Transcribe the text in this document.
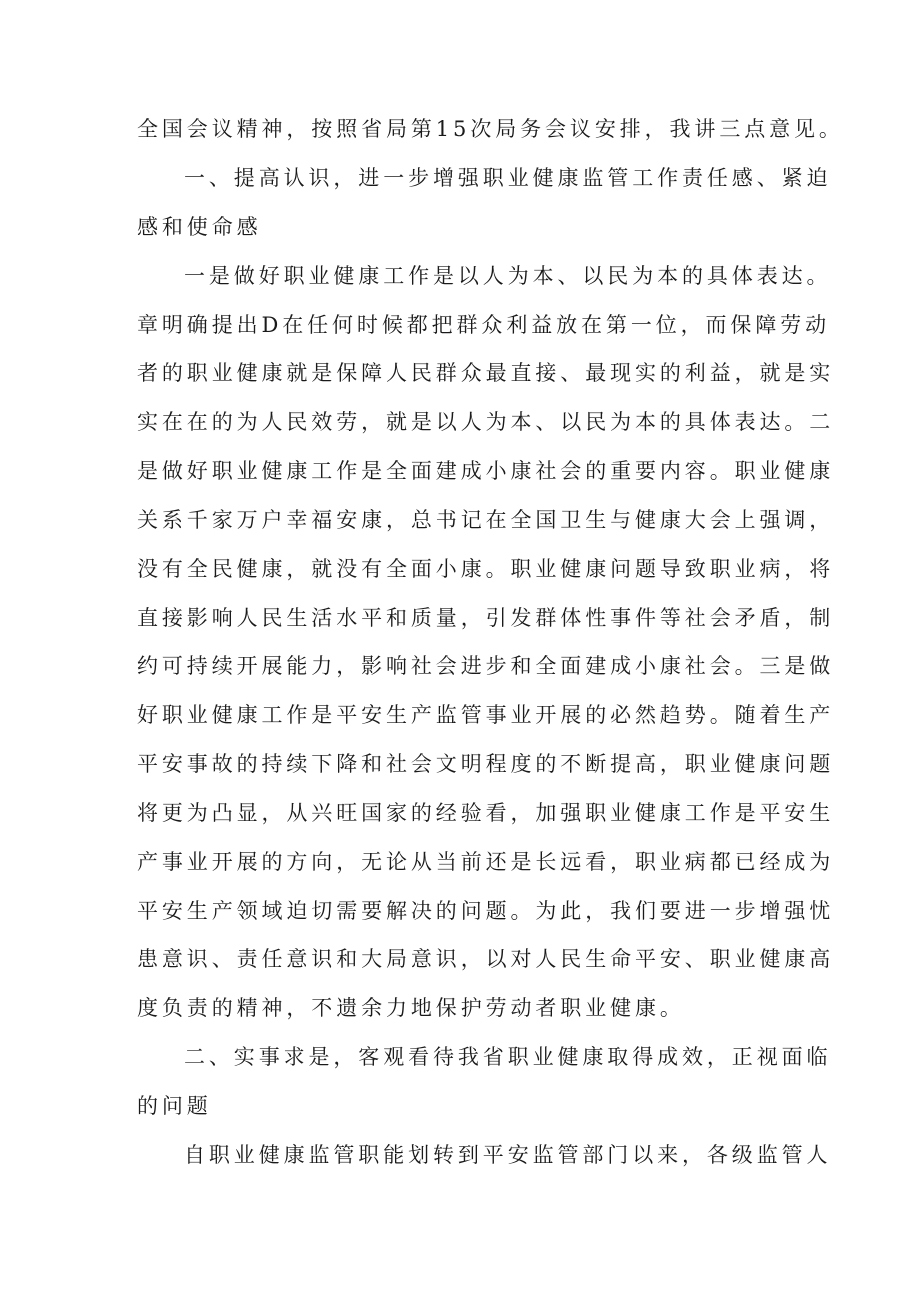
全国会议精神，按照省局第15次局务会议安排，我讲三点意见。
一、提高认识，进一步增强职业健康监管工作责任感、紧迫
感和使命感
一是做好职业健康工作是以人为本、以民为本的具体表达。
章明确提出D在任何时候都把群众利益放在第一位，而保障劳动
者的职业健康就是保障人民群众最直接、最现实的利益，就是实
实在在的为人民效劳，就是以人为本、以民为本的具体表达。二
是做好职业健康工作是全面建成小康社会的重要内容。职业健康
关系千家万户幸福安康，总书记在全国卫生与健康大会上强调，
没有全民健康，就没有全面小康。职业健康问题导致职业病，将
直接影响人民生活水平和质量，引发群体性事件等社会矛盾，制
约可持续开展能力，影响社会进步和全面建成小康社会。三是做
好职业健康工作是平安生产监管事业开展的必然趋势。随着生产
平安事故的持续下降和社会文明程度的不断提高，职业健康问题
将更为凸显，从兴旺国家的经验看，加强职业健康工作是平安生
产事业开展的方向，无论从当前还是长远看，职业病都已经成为
平安生产领域迫切需要解决的问题。为此，我们要进一步增强忧
患意识、责任意识和大局意识，以对人民生命平安、职业健康高
度负责的精神，不遗余力地保护劳动者职业健康。
二、实事求是，客观看待我省职业健康取得成效，正视面临
的问题
自职业健康监管职能划转到平安监管部门以来，各级监管人
